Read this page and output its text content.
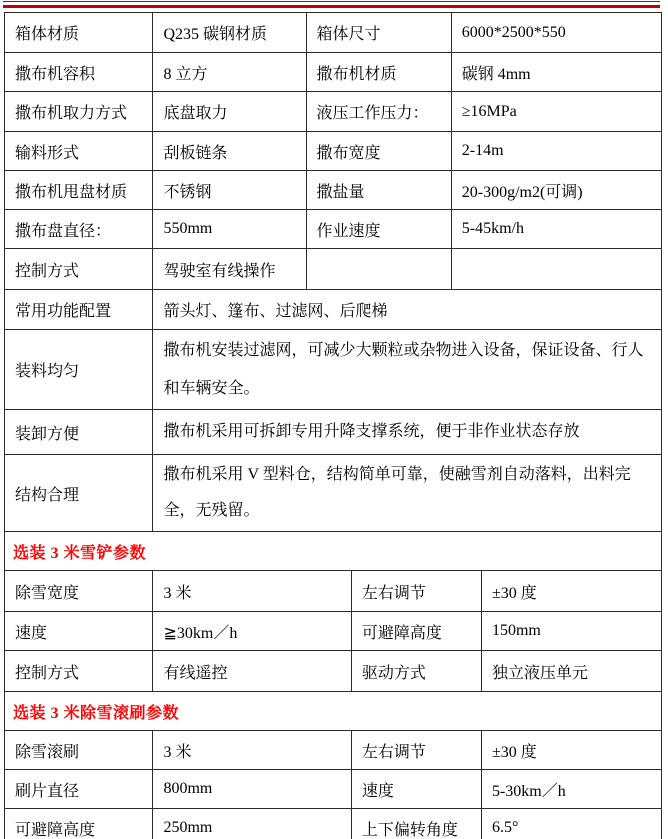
箱体材质	Q235 碳钢材质	箱体尺寸	6000*2500*550
撒布机容积	8 立方	撒布机材质	碳钢 4mm
撒布机取力方式	底盘取力	液压工作压力：	≥16MPa
输料形式	刮板链条	撒布宽度	2-14m
撒布机甩盘材质	不锈钢	撒盐量	20-300g/m2(可调)
撒布盘直径：	550mm	作业速度	5-45km/h
控制方式	驾驶室有线操作		
常用功能配置	箭头灯、篷布、过滤网、后爬梯		
装料均匀	撒布机安装过滤网，可减少大颗粒或杂物进入设备，保证设备、行人和车辆安全。		
装卸方便	撒布机采用可拆卸专用升降支撑系统，便于非作业状态存放		
结构合理	撒布机采用 V 型料仓，结构简单可靠，使融雪剂自动落料，出料完全，无残留。		
选装 3 米雪铲参数			
除雪宽度	3 米	左右调节	±30 度
速度	≧30km／h	可避障高度	150mm
控制方式	有线遥控	驱动方式	独立液压单元
选装 3 米除雪滚刷参数			
除雪滚刷	3 米	左右调节	±30 度
刷片直径	800mm	速度	5-30km／h
可避障高度	250mm	上下偏转角度	6.5°
